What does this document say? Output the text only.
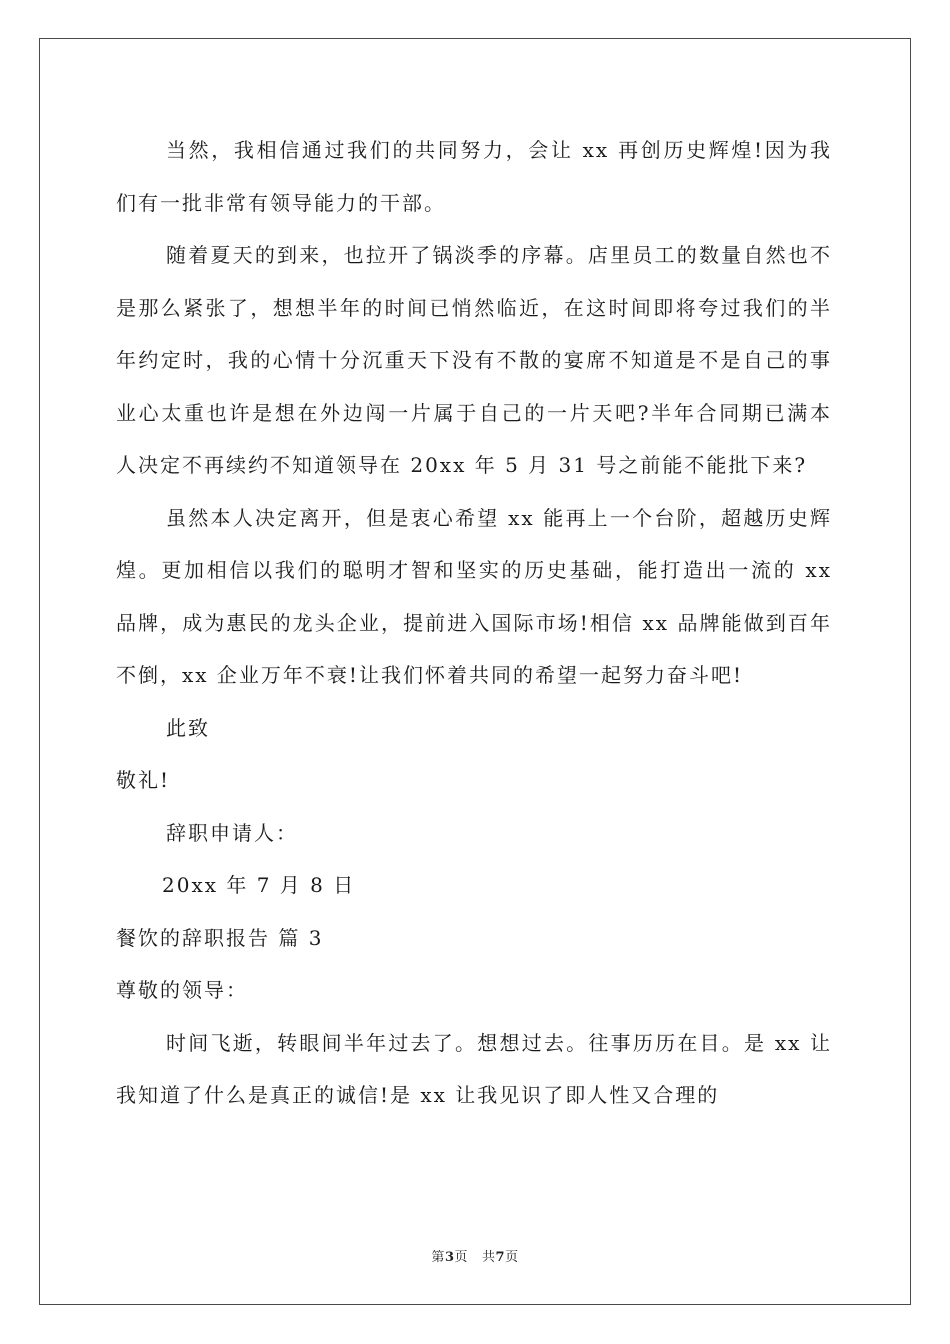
当然，我相信通过我们的共同努力，会让 xx 再创历史辉煌!因为我们有一批非常有领导能力的干部。

随着夏天的到来，也拉开了锅淡季的序幕。店里员工的数量自然也不是那么紧张了，想想半年的时间已悄然临近，在这时间即将夸过我们的半年约定时，我的心情十分沉重天下没有不散的宴席不知道是不是自己的事业心太重也许是想在外边闯一片属于自己的一片天吧?半年合同期已满本人决定不再续约不知道领导在 20xx 年 5 月 31 号之前能不能批下来?

虽然本人决定离开，但是衷心希望 xx 能再上一个台阶，超越历史辉煌。更加相信以我们的聪明才智和坚实的历史基础，能打造出一流的 xx 品牌，成为惠民的龙头企业，提前进入国际市场!相信 xx 品牌能做到百年不倒，xx 企业万年不衰!让我们怀着共同的希望一起努力奋斗吧!

此致

敬礼!

辞职申请人：

20xx 年 7 月 8 日

餐饮的辞职报告 篇 3

尊敬的领导：

时间飞逝，转眼间半年过去了。想想过去。往事历历在目。是 xx 让我知道了什么是真正的诚信!是 xx 让我见识了即人性又合理的

第3页 共7页
